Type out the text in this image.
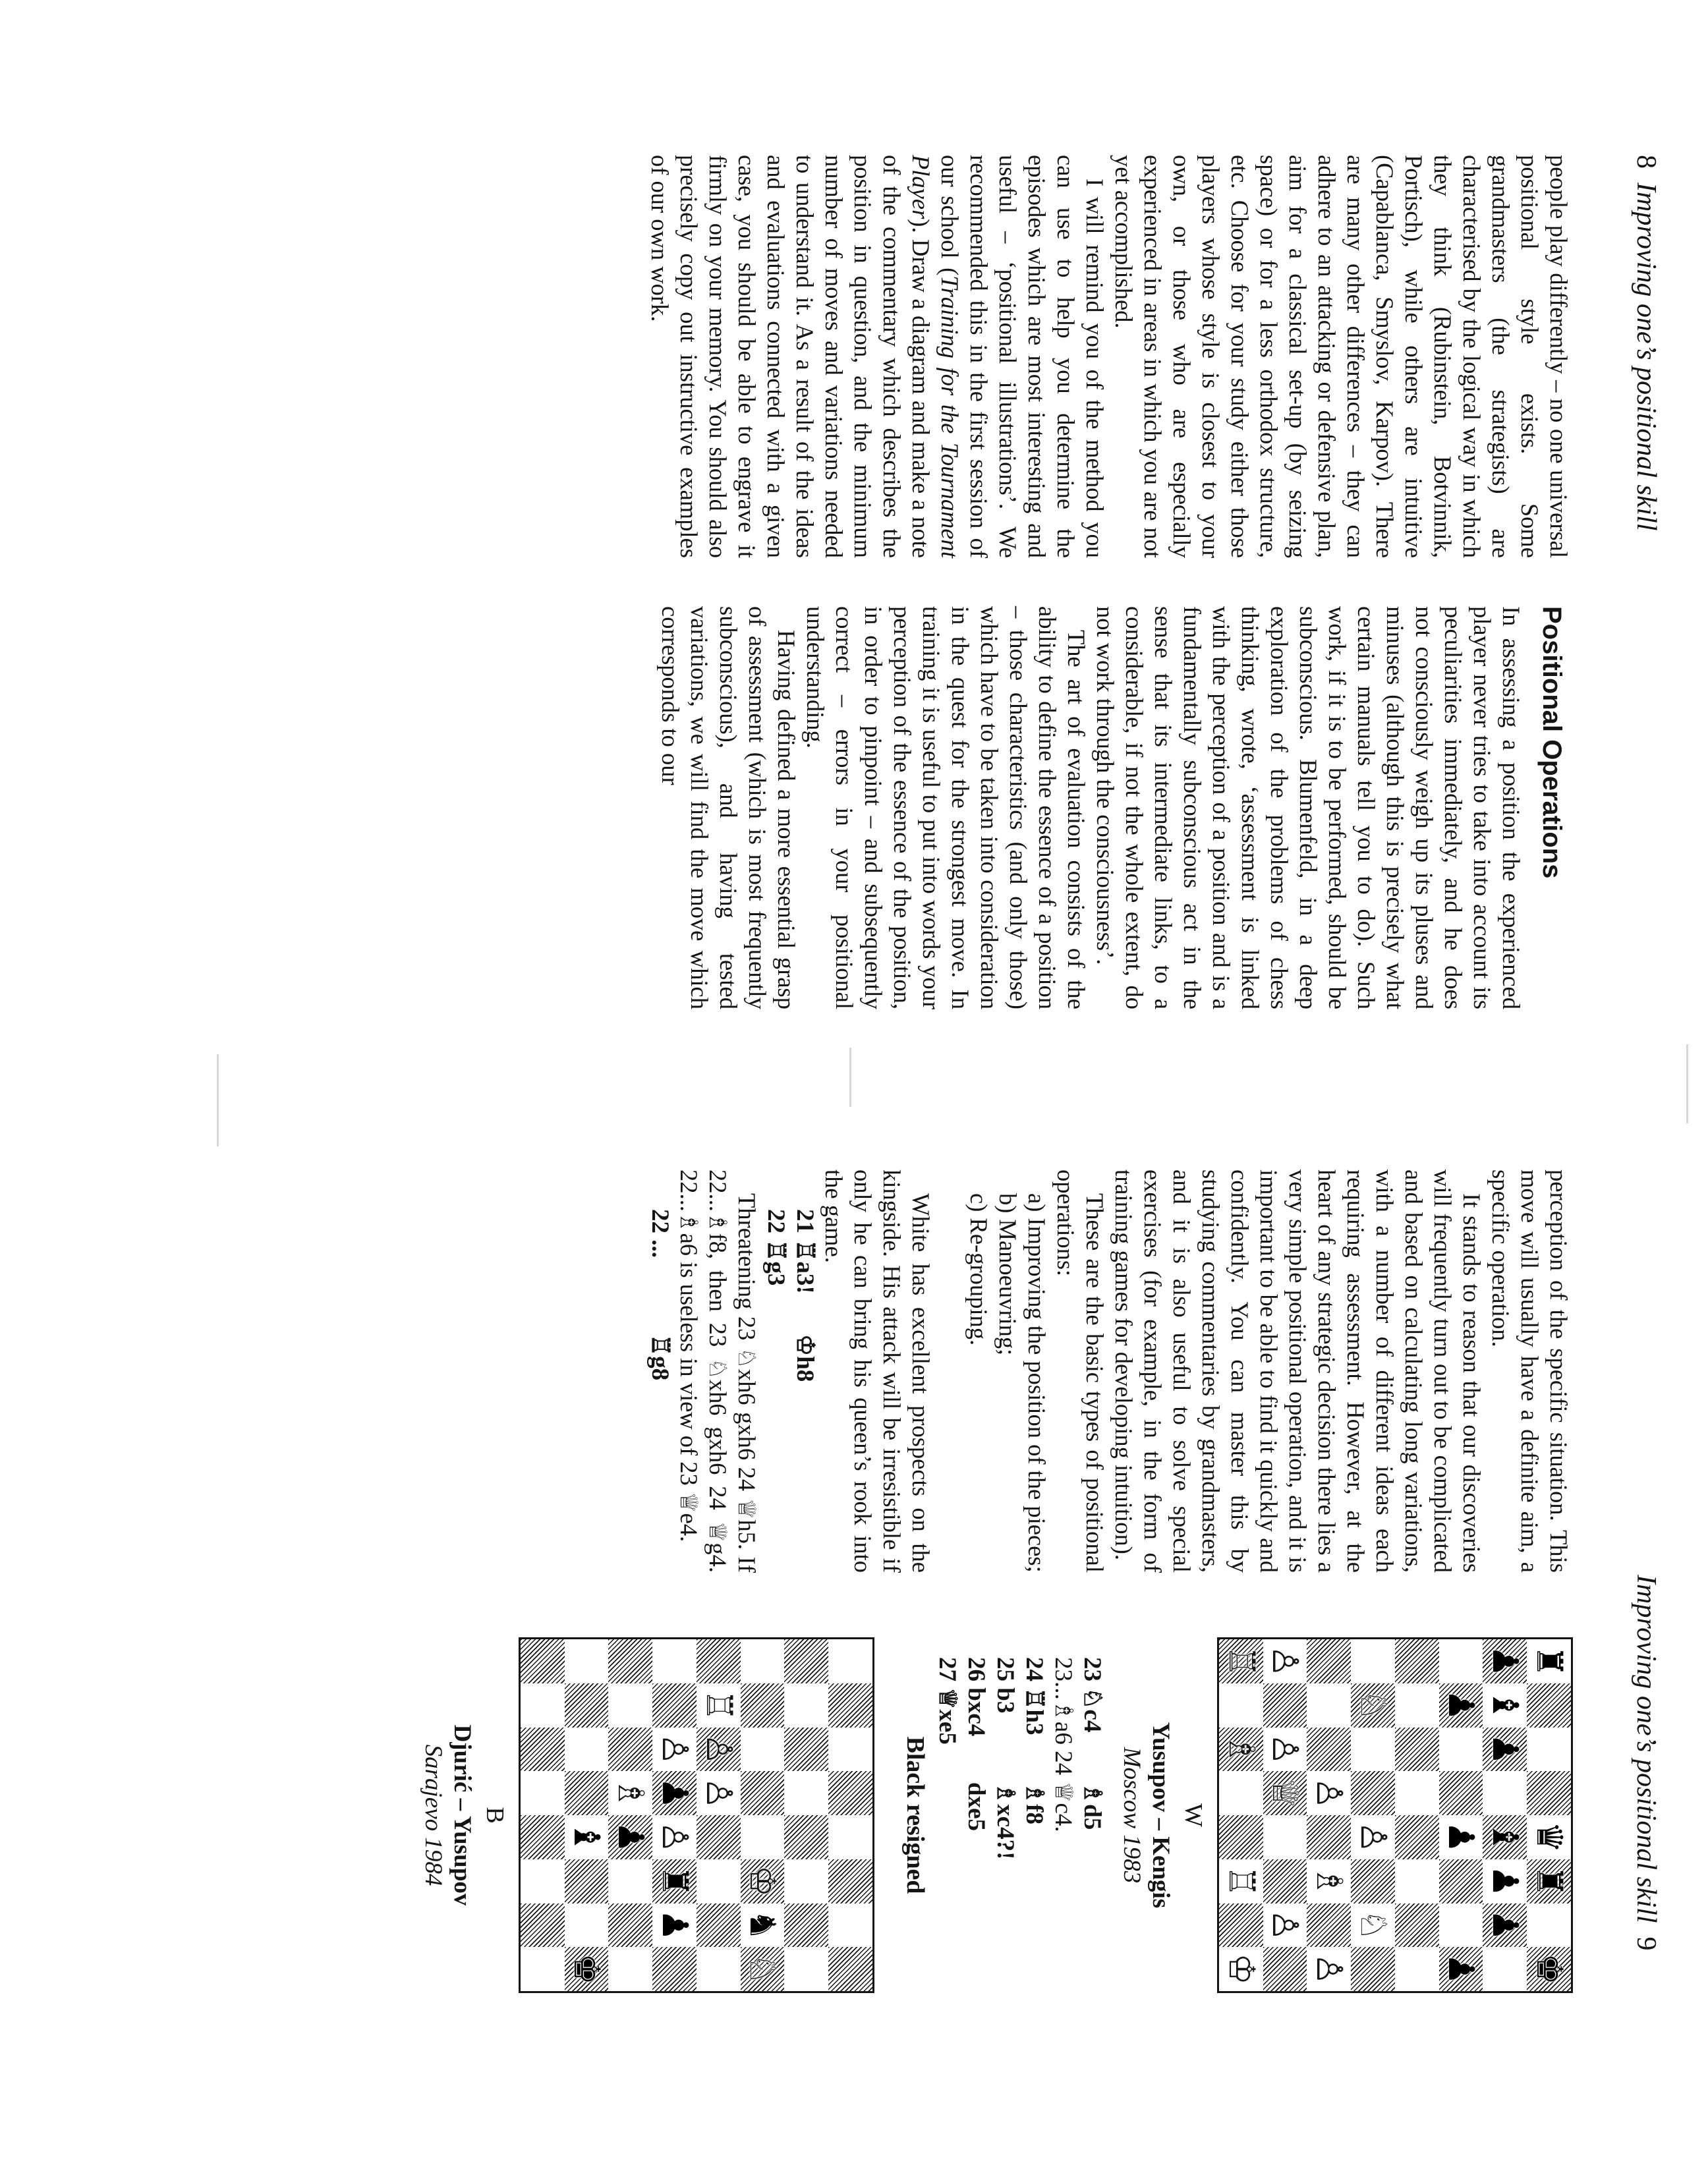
8  Improving one’s positional skill
Improving one’s positional skill  9

people play differently – no one universal positional style exists. Some grandmasters (the strategists) are characterised by the logical way in which they think (Rubinstein, Botvinnik, Portisch), while others are intuitive (Capablanca, Smyslov, Karpov). There are many other differences – they can adhere to an attacking or defensive plan, aim for a classical set-up (by seizing space) or for a less orthodox structure, etc. Choose for your study either those players whose style is closest to your own, or those who are especially experienced in areas in which you are not yet accomplished.

I will remind you of the method you can use to help you determine the episodes which are most interesting and useful – ‘positional illustrations’. We recommended this in the first session of our school (Training for the Tournament Player). Draw a diagram and make a note of the commentary which describes the position in question, and the minimum number of moves and variations needed to understand it. As a result of the ideas and evaluations connected with a given case, you should be able to engrave it firmly on your memory. You should also precisely copy out instructive examples of our own work.

Positional Operations

In assessing a position the experienced player never tries to take into account its peculiarities immediately, and he does not consciously weigh up its pluses and minuses (although this is precisely what certain manuals tell you to do). Such work, if it is to be performed, should be subconscious. Blumenfeld, in a deep exploration of the problems of chess thinking, wrote, ‘assessment is linked with the perception of a position and is a fundamentally subconscious act in the sense that its intermediate links, to a considerable, if not the whole extent, do not work through the consciousness’.

The art of evaluation consists of the ability to define the essence of a position – those characteristics (and only those) which have to be taken into consideration in the quest for the strongest move. In training it is useful to put into words your perception of the essence of the position, in order to pinpoint – and subsequently correct – errors in your positional understanding.

Having defined a more essential grasp of assessment (which is most frequently subconscious), and having tested variations, we will find the move which corresponds to our

perception of the specific situation. This move will usually have a definite aim, a specific operation.

It stands to reason that our discoveries will frequently turn out to be complicated and based on calculating long variations, with a number of different ideas each requiring assessment. However, at the heart of any strategic decision there lies a very simple positional operation, and it is important to be able to find it quickly and confidently. You can master this by studying commentaries by grandmasters, and it is also useful to solve special exercises (for example, in the form of training games for developing intuition).

These are the basic types of positional operations:

a) Improving the position of the pieces;
b) Manoeuvring;
c) Re-grouping.

White has excellent prospects on the kingside. His attack will be irresistible if only he can bring his queen’s rook into the game.

21 ♖a3!	♔h8
22 ♖g3	

Threatening 23 ♘xh6 gxh6 24 ♕h5. If 22...♗f8, then 23 ♘xh6 gxh6 24 ♕g4. 22...♗a6 is useless in view of 23 ♕e4.

22 ...	♖g8
♜
♛
♜
♚
♟
♝
♟
♝
♟
♟
♟
♟
♟
♘
♙
♘
♙
♗
♙
♙
♙
♕
♙
♖
♗
♖
♔
W
Yusupov – Kengis
Moscow 1983
23 ♘c4	♗d5
23...♗a6 24 ♕c4.	
24 ♖h3	♗f8
25 b3	♗xc4?!
26 bxc4	dxe5
27 ♕xe5	
Black resigned
♔
♞
♘
♖
♙
♙
♙
♟
♙
♜
♟
♗
♟
♝
♚
B
Djurić – Yusupov
Sarajevo 1984
